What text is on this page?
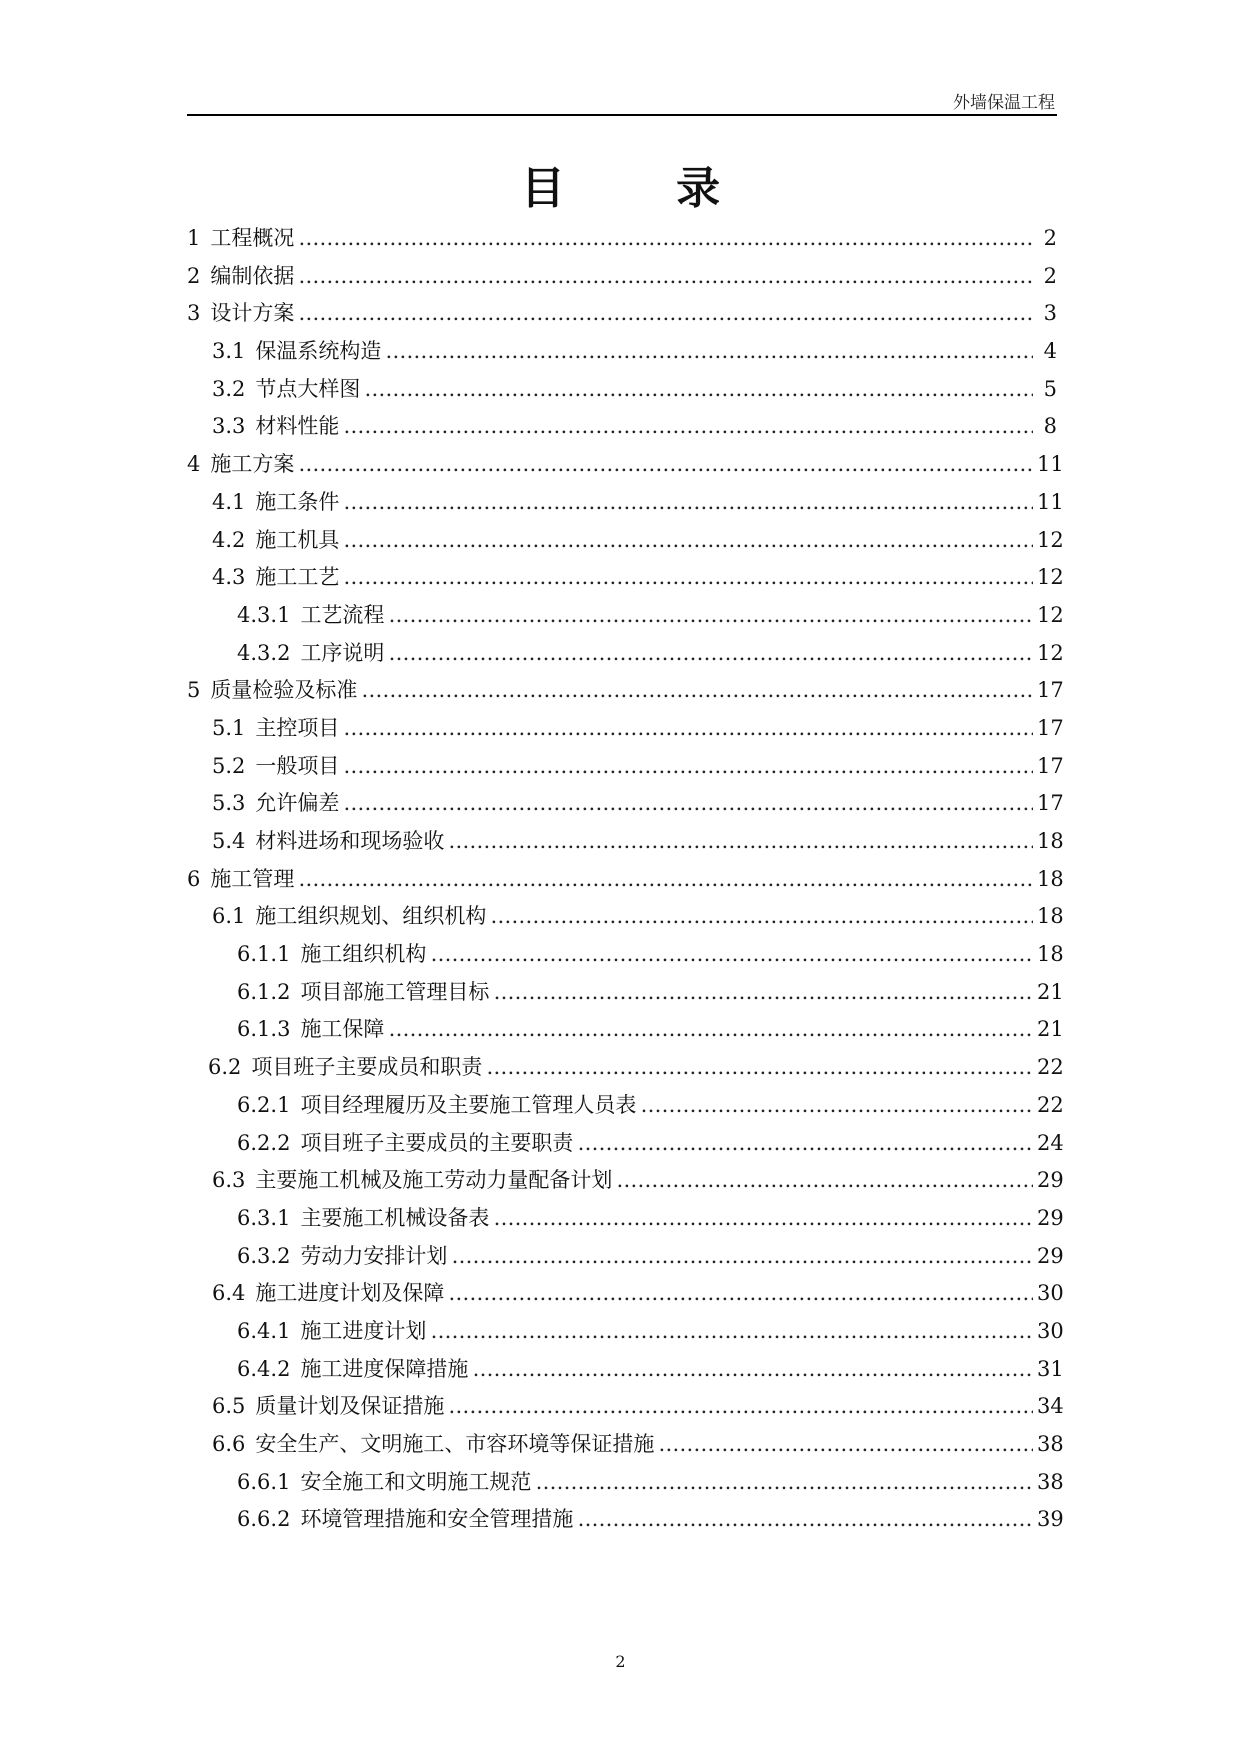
外墙保温工程
目 录
1 工程概况 ……………………………………………………………………………………………………………………………………………………………………	2
2 编制依据 ……………………………………………………………………………………………………………………………………………………………………	2
3 设计方案 ……………………………………………………………………………………………………………………………………………………………………	3
3.1 保温系统构造 ……………………………………………………………………………………………………………………………………………………………………	4
3.2 节点大样图 ……………………………………………………………………………………………………………………………………………………………………	5
3.3 材料性能 ……………………………………………………………………………………………………………………………………………………………………	8
4 施工方案 ……………………………………………………………………………………………………………………………………………………………………	11
4.1 施工条件 ……………………………………………………………………………………………………………………………………………………………………	11
4.2 施工机具 ……………………………………………………………………………………………………………………………………………………………………	12
4.3 施工工艺 ……………………………………………………………………………………………………………………………………………………………………	12
4.3.1 工艺流程 ……………………………………………………………………………………………………………………………………………………………………	12
4.3.2 工序说明 ……………………………………………………………………………………………………………………………………………………………………	12
5 质量检验及标准 ……………………………………………………………………………………………………………………………………………………………………	17
5.1 主控项目 ……………………………………………………………………………………………………………………………………………………………………	17
5.2 一般项目 ……………………………………………………………………………………………………………………………………………………………………	17
5.3 允许偏差 ……………………………………………………………………………………………………………………………………………………………………	17
5.4 材料进场和现场验收 ……………………………………………………………………………………………………………………………………………………………………	18
6 施工管理 ……………………………………………………………………………………………………………………………………………………………………	18
6.1 施工组织规划、组织机构 ……………………………………………………………………………………………………………………………………………………………………	18
6.1.1 施工组织机构 ……………………………………………………………………………………………………………………………………………………………………	18
6.1.2 项目部施工管理目标 ……………………………………………………………………………………………………………………………………………………………………	21
6.1.3 施工保障 ……………………………………………………………………………………………………………………………………………………………………	21
6.2 项目班子主要成员和职责 ……………………………………………………………………………………………………………………………………………………………………	22
6.2.1 项目经理履历及主要施工管理人员表 ……………………………………………………………………………………………………………………………………………………………………	22
6.2.2 项目班子主要成员的主要职责 ……………………………………………………………………………………………………………………………………………………………………	24
6.3 主要施工机械及施工劳动力量配备计划 ……………………………………………………………………………………………………………………………………………………………………	29
6.3.1 主要施工机械设备表 ……………………………………………………………………………………………………………………………………………………………………	29
6.3.2 劳动力安排计划 ……………………………………………………………………………………………………………………………………………………………………	29
6.4 施工进度计划及保障 ……………………………………………………………………………………………………………………………………………………………………	30
6.4.1 施工进度计划 ……………………………………………………………………………………………………………………………………………………………………	30
6.4.2 施工进度保障措施 ……………………………………………………………………………………………………………………………………………………………………	31
6.5 质量计划及保证措施 ……………………………………………………………………………………………………………………………………………………………………	34
6.6 安全生产、文明施工、市容环境等保证措施 ……………………………………………………………………………………………………………………………………………………………………	38
6.6.1 安全施工和文明施工规范 ……………………………………………………………………………………………………………………………………………………………………	38
6.6.2 环境管理措施和安全管理措施 ……………………………………………………………………………………………………………………………………………………………………	39
2
